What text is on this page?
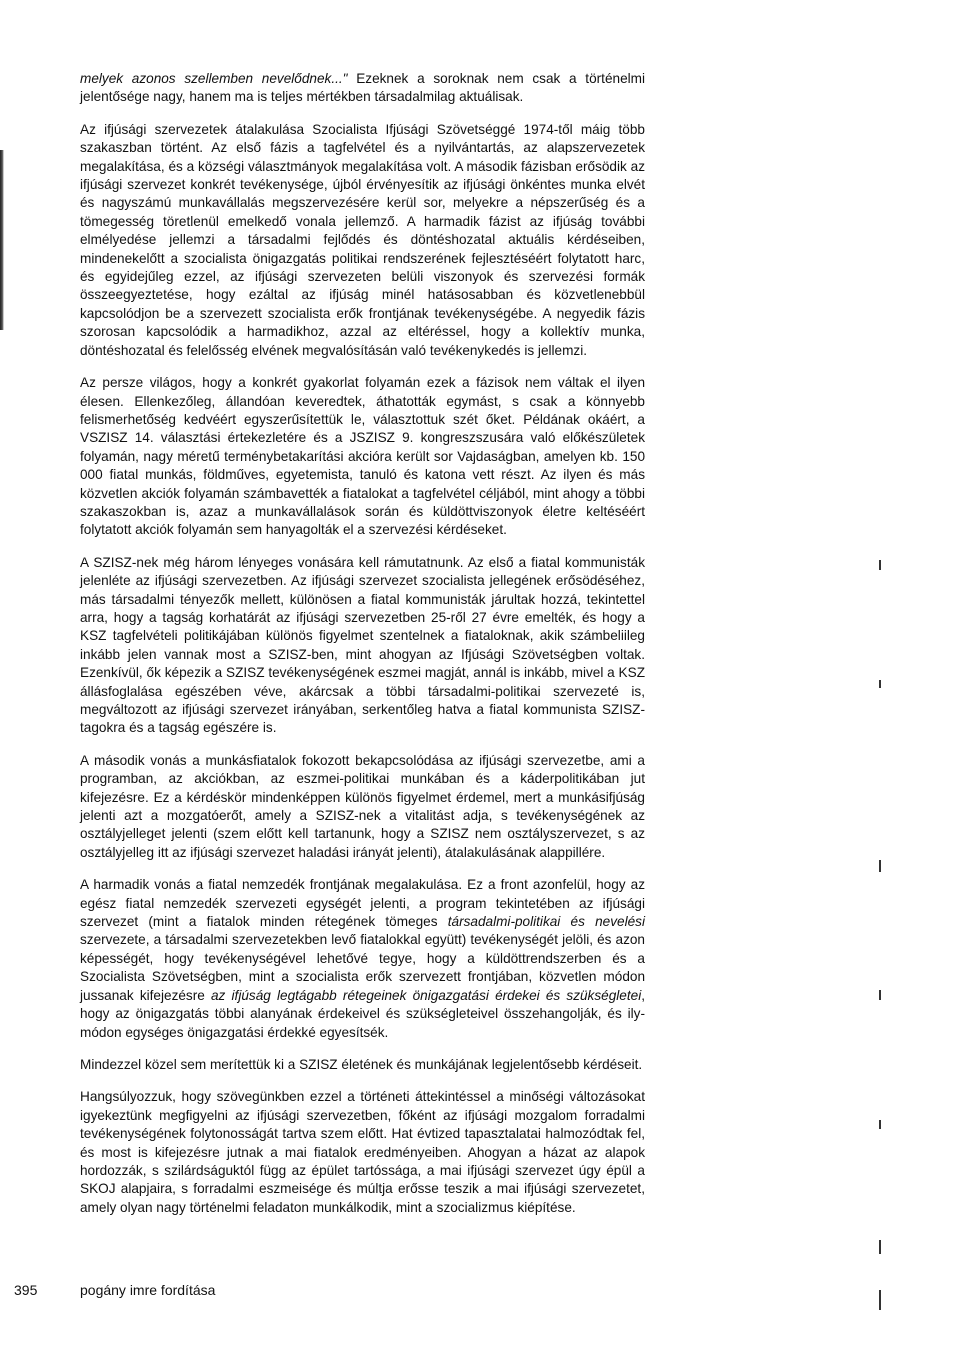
melyek azonos szellemben nevelődnek..." Ezeknek a soroknak nem csak a történelmi jelentősége nagy, hanem ma is teljes mértékben társadalmilag aktuálisak.

Az ifjúsági szervezetek átalakulása Szocialista Ifjúsági Szövetséggé 1974-től máig több szakaszban történt. Az első fázis a tagfelvétel és a nyilvántartás, az alapszervezetek megalakítása, és a községi választmányok megalakítása volt. A második fázisban erősödik az ifjúsági szervezet konkrét tevékenysége, újból érvényesítik az ifjúsági önkéntes munka elvét és nagyszámú munkavállalás megszervezésére kerül sor, melyekre a népszerűség és a tömegesség töretlenül emelkedő vonala jellemző. A harmadik fázist az ifjúság további elmélyedése jellemzi a társadalmi fejlődés és döntéshozatal aktuális kérdéseiben, mindenekelőtt a szocialista önigazgatás politikai rendszerének fejlesztéséért folytatott harc, és egyidejűleg ezzel, az ifjúsági szervezeten belüli viszonyok és szervezési formák összeegyeztetése, hogy ezáltal az ifjúság minél hatásosabban és közvetlenebbül kapcsolódjon be a szervezett szocialista erők frontjának tevékenységébe. A negyedik fázis szorosan kapcsolódik a harmadikhoz, azzal az eltéréssel, hogy a kollektív munka, döntéshozatal és felelősség elvének megvalósításán való tevékenykedés is jellemzi.

Az persze világos, hogy a konkrét gyakorlat folyamán ezek a fázisok nem váltak el ilyen élesen. Ellenkezőleg, állandóan keveredtek, áthatották egymást, s csak a könnyebb felismerhetőség kedvéért egyszerűsítettük le, választottuk szét őket. Példának okáért, a VSZISZ 14. választási értekezletére és a JSZISZ 9. kongreszszusára való előkészületek folyamán, nagy méretű terménybetakarítási akcióra került sor Vajdaságban, amelyen kb. 150 000 fiatal munkás, földműves, egyetemista, tanuló és katona vett részt. Az ilyen és más közvetlen akciók folyamán számbavették a fiatalokat a tagfelvétel céljából, mint ahogy a többi szakaszokban is, azaz a munkavállalások során és küldöttviszonyok életre keltéséért folytatott akciók folyamán sem hanyagolták el a szervezési kérdéseket.

A SZISZ-nek még három lényeges vonására kell rámutatnunk. Az első a fiatal kommunisták jelenléte az ifjúsági szervezetben. Az ifjúsági szervezet szocialista jellegének erősödéséhez, más társadalmi tényezők mellett, különösen a fiatal kommunisták járultak hozzá, tekintettel arra, hogy a tagság korhatárát az ifjúsági szervezetben 25-ről 27 évre emelték, és hogy a KSZ tagfelvételi politikájában különös figyelmet szentelnek a fiataloknak, akik számbeliileg inkább jelen vannak most a SZISZ-ben, mint ahogyan az Ifjúsági Szövetségben voltak. Ezenkívül, ők képezik a SZISZ tevékenységének eszmei magját, annál is inkább, mivel a KSZ állásfoglalása egészében véve, akárcsak a többi társadalmi-politikai szervezeté is, megváltozott az ifjúsági szervezet irányában, serkentőleg hatva a fiatal kommunista SZISZ-tagokra és a tagság egészére is.

A második vonás a munkásfiatalok fokozott bekapcsolódása az ifjúsági szervezetbe, ami a programban, az akciókban, az eszmei-politikai munkában és a káderpolitikában jut kifejezésre. Ez a kérdéskör mindenképpen különös figyelmet érdemel, mert a munkásifjúság jelenti azt a mozgatóerőt, amely a SZISZ-nek a vitalitást adja, s tevékenységének az osztályjelleget jelenti (szem előtt kell tartanunk, hogy a SZISZ nem osztályszervezet, s az osztályjelleg itt az ifjúsági szervezet haladási irányát jelenti), átalakulásának alappillére.

A harmadik vonás a fiatal nemzedék frontjának megalakulása. Ez a front azonfelül, hogy az egész fiatal nemzedék szervezeti egységét jelenti, a program tekintetében az ifjúsági szervezet (mint a fiatalok minden rétegének tömeges társadalmi-politikai és nevelési szervezete, a társadalmi szervezetekben levő fiatalokkal együtt) tevékenységét jelöli, és azon képességét, hogy tevékenységével lehetővé tegye, hogy a küldöttrendszerben és a Szocialista Szövetségben, mint a szocialista erők szervezett frontjában, közvetlen módon jussanak kifejezésre az ifjúság legtágabb rétegeinek önigazgatási érdekei és szükségletei, hogy az önigazgatás többi alanyának érdekeivel és szükségleteivel összehangolják, és ilymódon egységes önigazgatási érdekké egyesítsék.

Mindezzel közel sem merítettük ki a SZISZ életének és munkájának legjelentősebb kérdéseit.

Hangsúlyozzuk, hogy szövegünkben ezzel a történeti áttekintéssel a minőségi változásokat igyekeztünk megfigyelni az ifjúsági szervezetben, főként az ifjúsági mozgalom forradalmi tevékenységének folytonosságát tartva szem előtt. Hat évtized tapasztalatai halmozódtak fel, és most is kifejezésre jutnak a mai fiatalok eredményeiben. Ahogyan a házat az alapok hordozzák, s szilárdságuktól függ az épület tartóssága, a mai ifjúsági szervezet úgy épül a SKOJ alapjaira, s forradalmi eszmeisége és múltja erősse teszik a mai ifjúsági szervezetet, amely olyan nagy történelmi feladaton munkálkodik, mint a szocializmus kiépítése.

395	pogány imre fordítása
